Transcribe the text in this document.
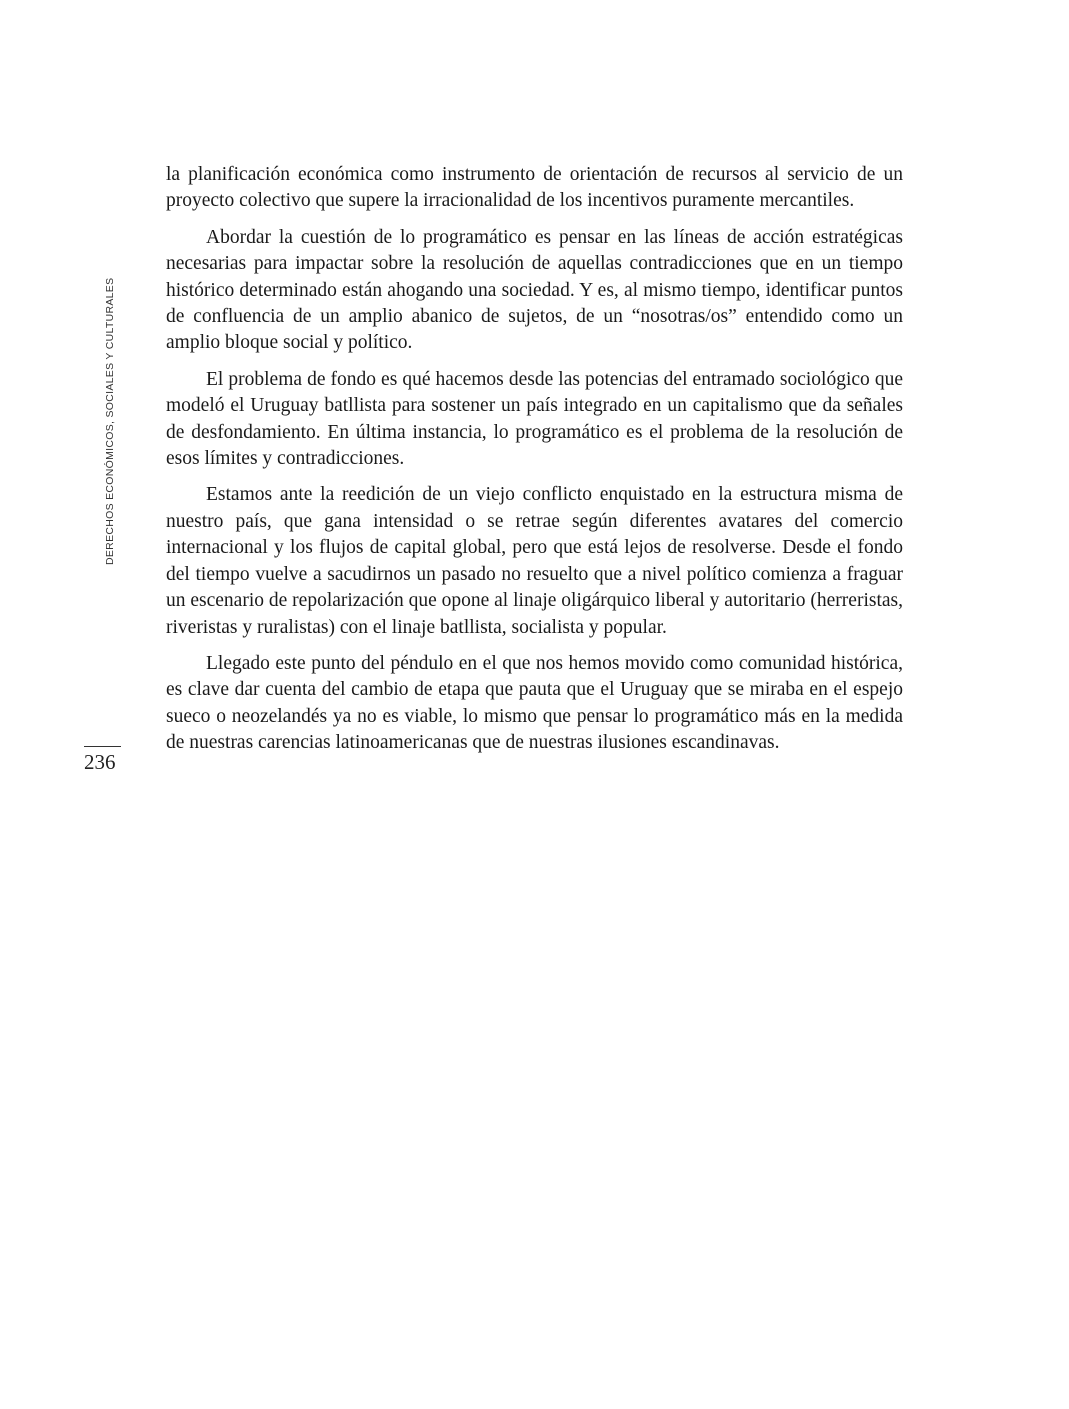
DERECHOS ECONÓMICOS, SOCIALES Y CULTURALES
236

la planificación económica como instrumento de orientación de recursos al servicio de un proyecto colectivo que supere la irracionalidad de los incentivos puramente mercantiles.

Abordar la cuestión de lo programático es pensar en las líneas de acción estratégicas necesarias para impactar sobre la resolución de aquellas contradicciones que en un tiempo histórico determinado están ahogando una sociedad. Y es, al mismo tiempo, identificar puntos de confluencia de un amplio abanico de sujetos, de un “nosotras/os” entendido como un amplio bloque social y político.

El problema de fondo es qué hacemos desde las potencias del entramado sociológico que modeló el Uruguay batllista para sostener un país integrado en un capitalismo que da señales de desfondamiento. En última instancia, lo programático es el problema de la resolución de esos límites y contradicciones.

Estamos ante la reedición de un viejo conflicto enquistado en la estructura misma de nuestro país, que gana intensidad o se retrae según diferentes avatares del comercio internacional y los flujos de capital global, pero que está lejos de resolverse. Desde el fondo del tiempo vuelve a sacudirnos un pasado no resuelto que a nivel político comienza a fraguar un escenario de repolarización que opone al linaje oligárquico liberal y autoritario (herreristas, riveristas y ruralistas) con el linaje batllista, socialista y popular.

Llegado este punto del péndulo en el que nos hemos movido como comunidad histórica, es clave dar cuenta del cambio de etapa que pauta que el Uruguay que se miraba en el espejo sueco o neozelandés ya no es viable, lo mismo que pensar lo programático más en la medida de nuestras carencias latinoamericanas que de nuestras ilusiones escandinavas.
